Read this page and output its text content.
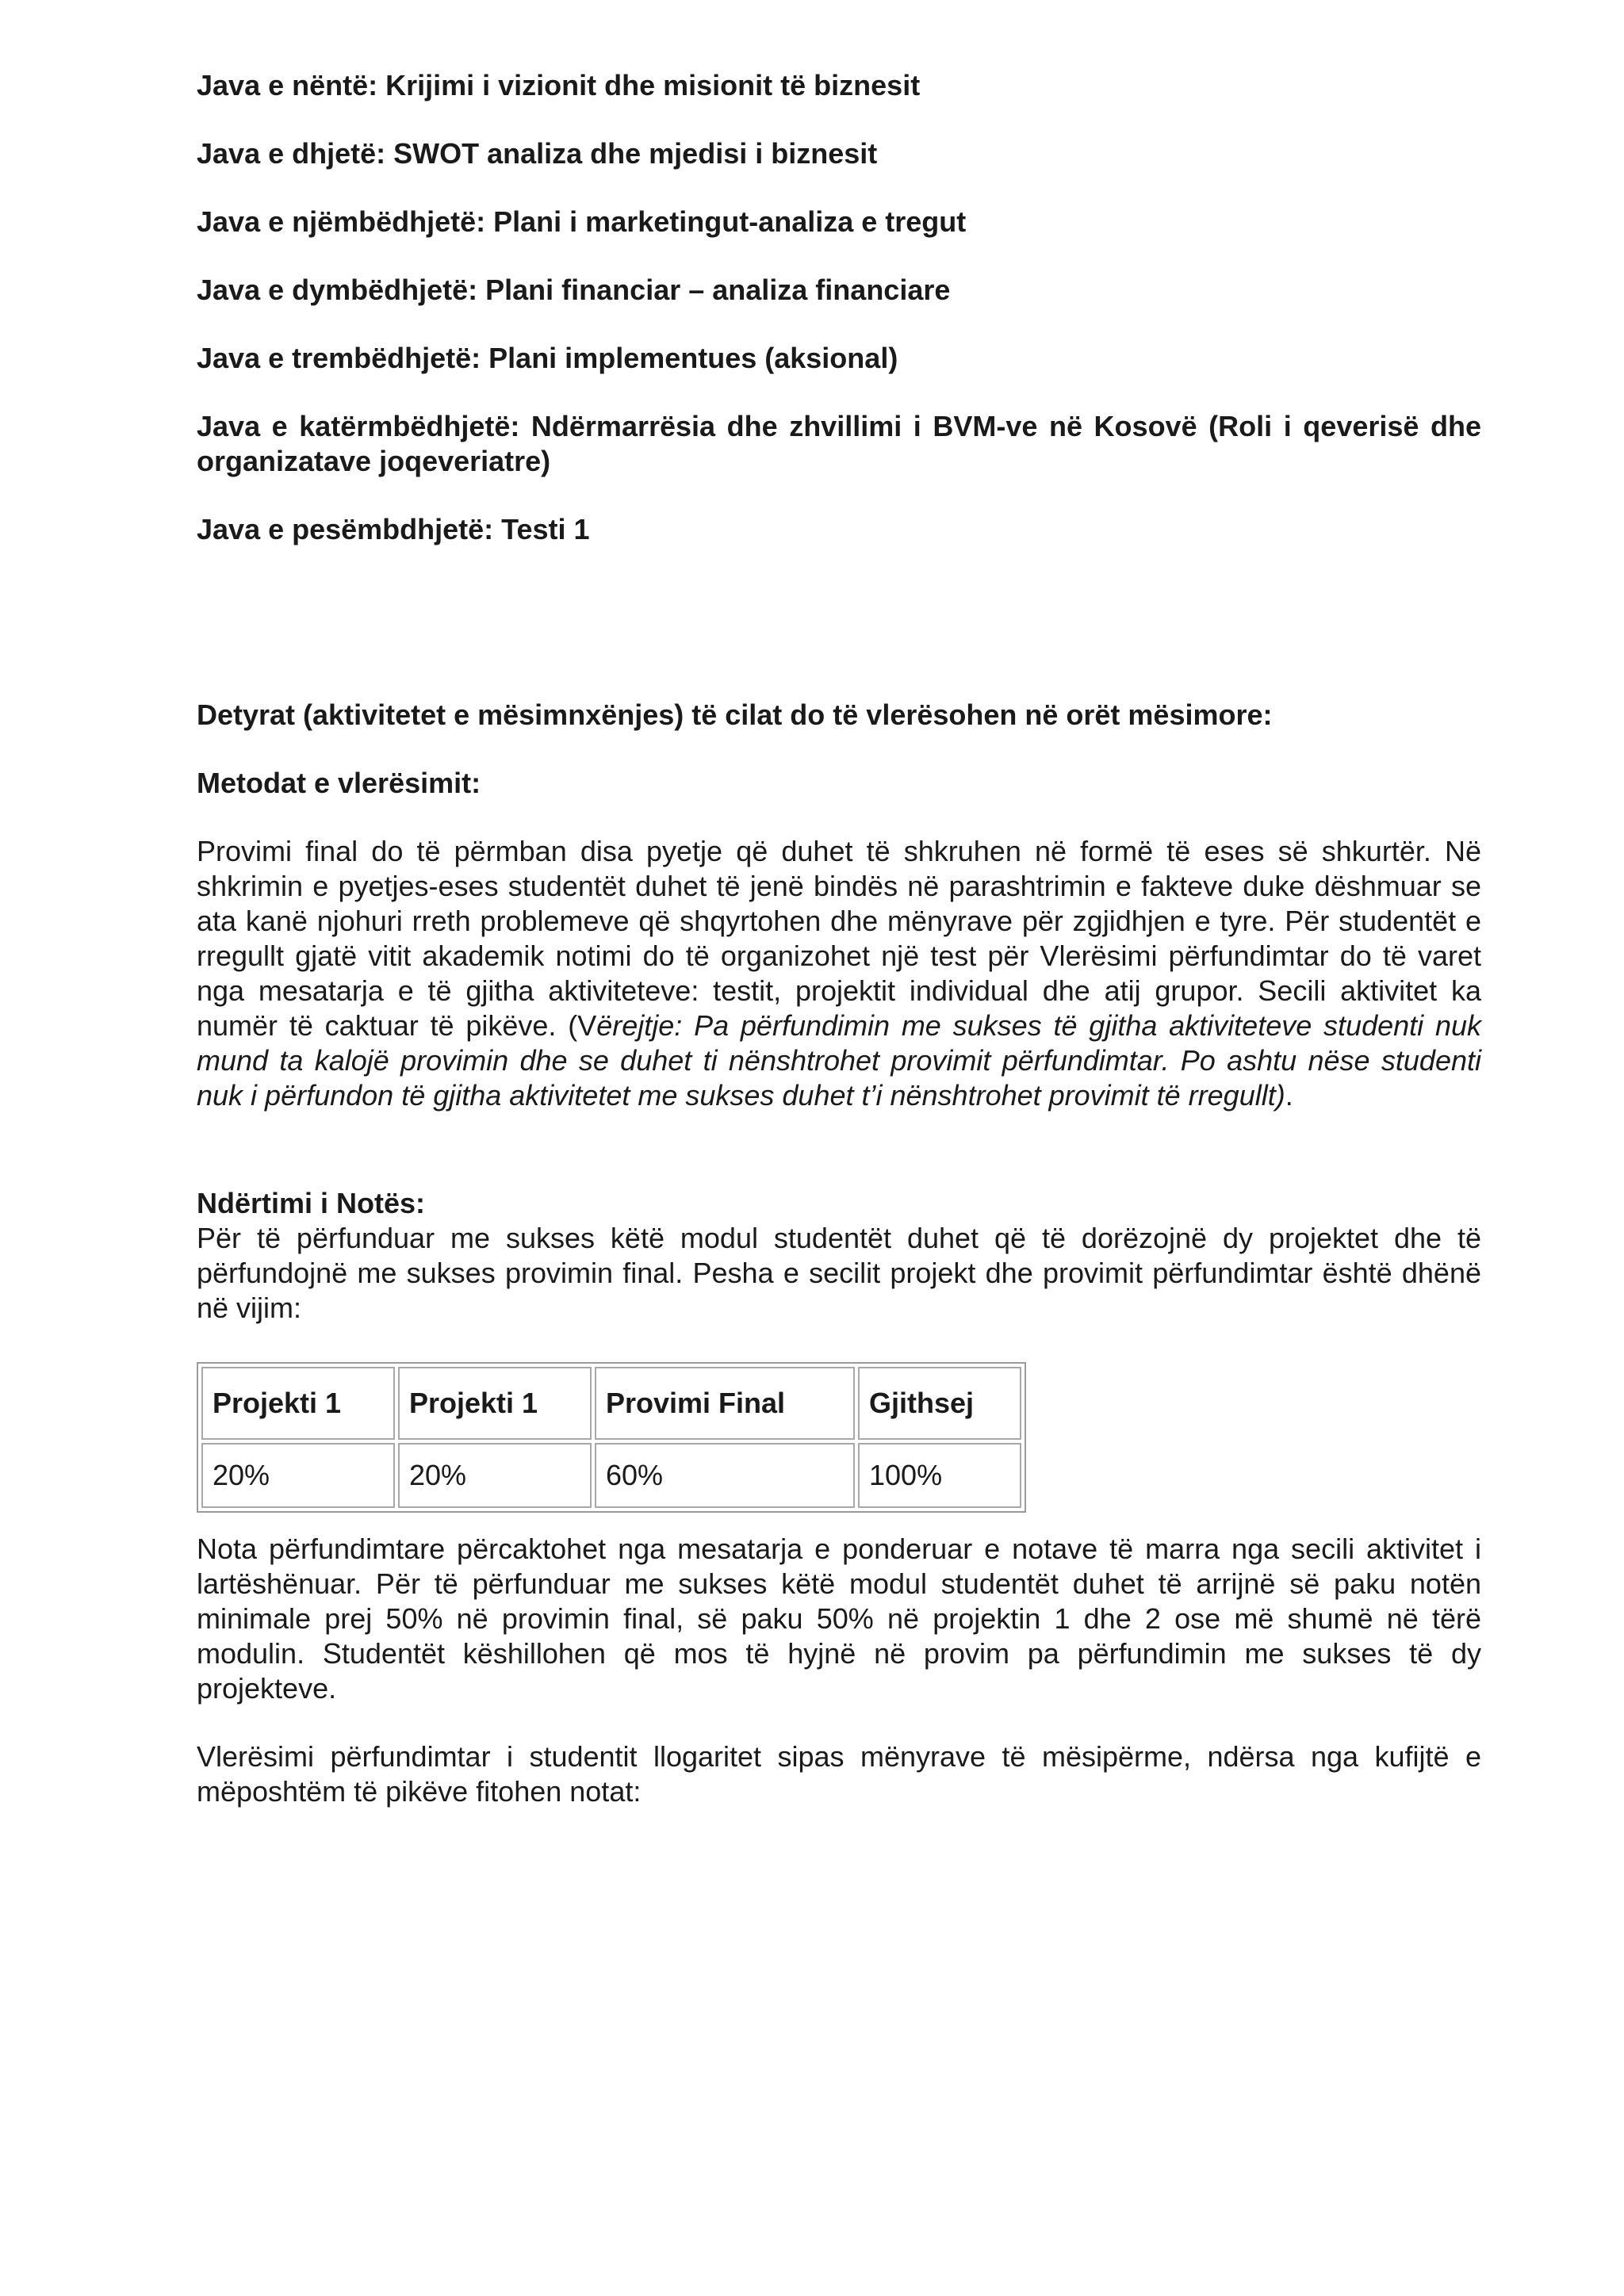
Java e nëntë: Krijimi i vizionit dhe misionit të biznesit

Java e dhjetë: SWOT analiza dhe mjedisi i biznesit

Java e njëmbëdhjetë: Plani i marketingut-analiza e tregut

Java e dymbëdhjetë: Plani financiar – analiza financiare

Java e trembëdhjetë: Plani implementues (aksional)

Java e katërmbëdhjetë: Ndërmarrësia dhe zhvillimi i BVM-ve në Kosovë (Roli i qeverisë dhe organizatave joqeveriatre)

Java e pesëmbdhjetë: Testi 1

Detyrat (aktivitetet e mësimnxënjes) të cilat do të vlerësohen në orët mësimore:
Metodat e vlerësimit:

Provimi final do të përmban disa pyetje që duhet të shkruhen në formë të eses së shkurtër. Në shkrimin e pyetjes-eses studentët duhet të jenë bindës në parashtrimin e fakteve duke dëshmuar se ata kanë njohuri rreth problemeve që shqyrtohen dhe mënyrave për zgjidhjen e tyre. Për studentët e rregullt gjatë vitit akademik notimi do të organizohet një test për Vlerësimi përfundimtar do të varet nga mesatarja e të gjitha aktiviteteve: testit, projektit individual dhe atij grupor. Secili aktivitet ka numër të caktuar të pikëve. (Vërejtje: Pa përfundimin me sukses të gjitha aktiviteteve studenti nuk mund ta kalojë provimin dhe se duhet ti nënshtrohet provimit përfundimtar. Po ashtu nëse studenti nuk i përfundon të gjitha aktivitetet me sukses duhet t’i nënshtrohet provimit të rregullt).

Ndërtimi i Notës:

Për të përfunduar me sukses këtë modul studentët duhet që të dorëzojnë dy projektet dhe të përfundojnë me sukses provimin final. Pesha e secilit projekt dhe provimit përfundimtar është dhënë në vijim:

Projekti 1	Projekti 1	Provimi Final	Gjithsej
20%	20%	60%	100%

Nota përfundimtare përcaktohet nga mesatarja e ponderuar e notave të marra nga secili aktivitet i lartëshënuar. Për të përfunduar me sukses këtë modul studentët duhet të arrijnë së paku notën minimale prej 50% në provimin final, së paku 50% në projektin 1 dhe 2 ose më shumë në tërë modulin. Studentët këshillohen që mos të hyjnë në provim pa përfundimin me sukses të dy projekteve.

Vlerësimi përfundimtar i studentit llogaritet sipas mënyrave të mësipërme, ndërsa nga kufijtë e mëposhtëm të pikëve fitohen notat:
